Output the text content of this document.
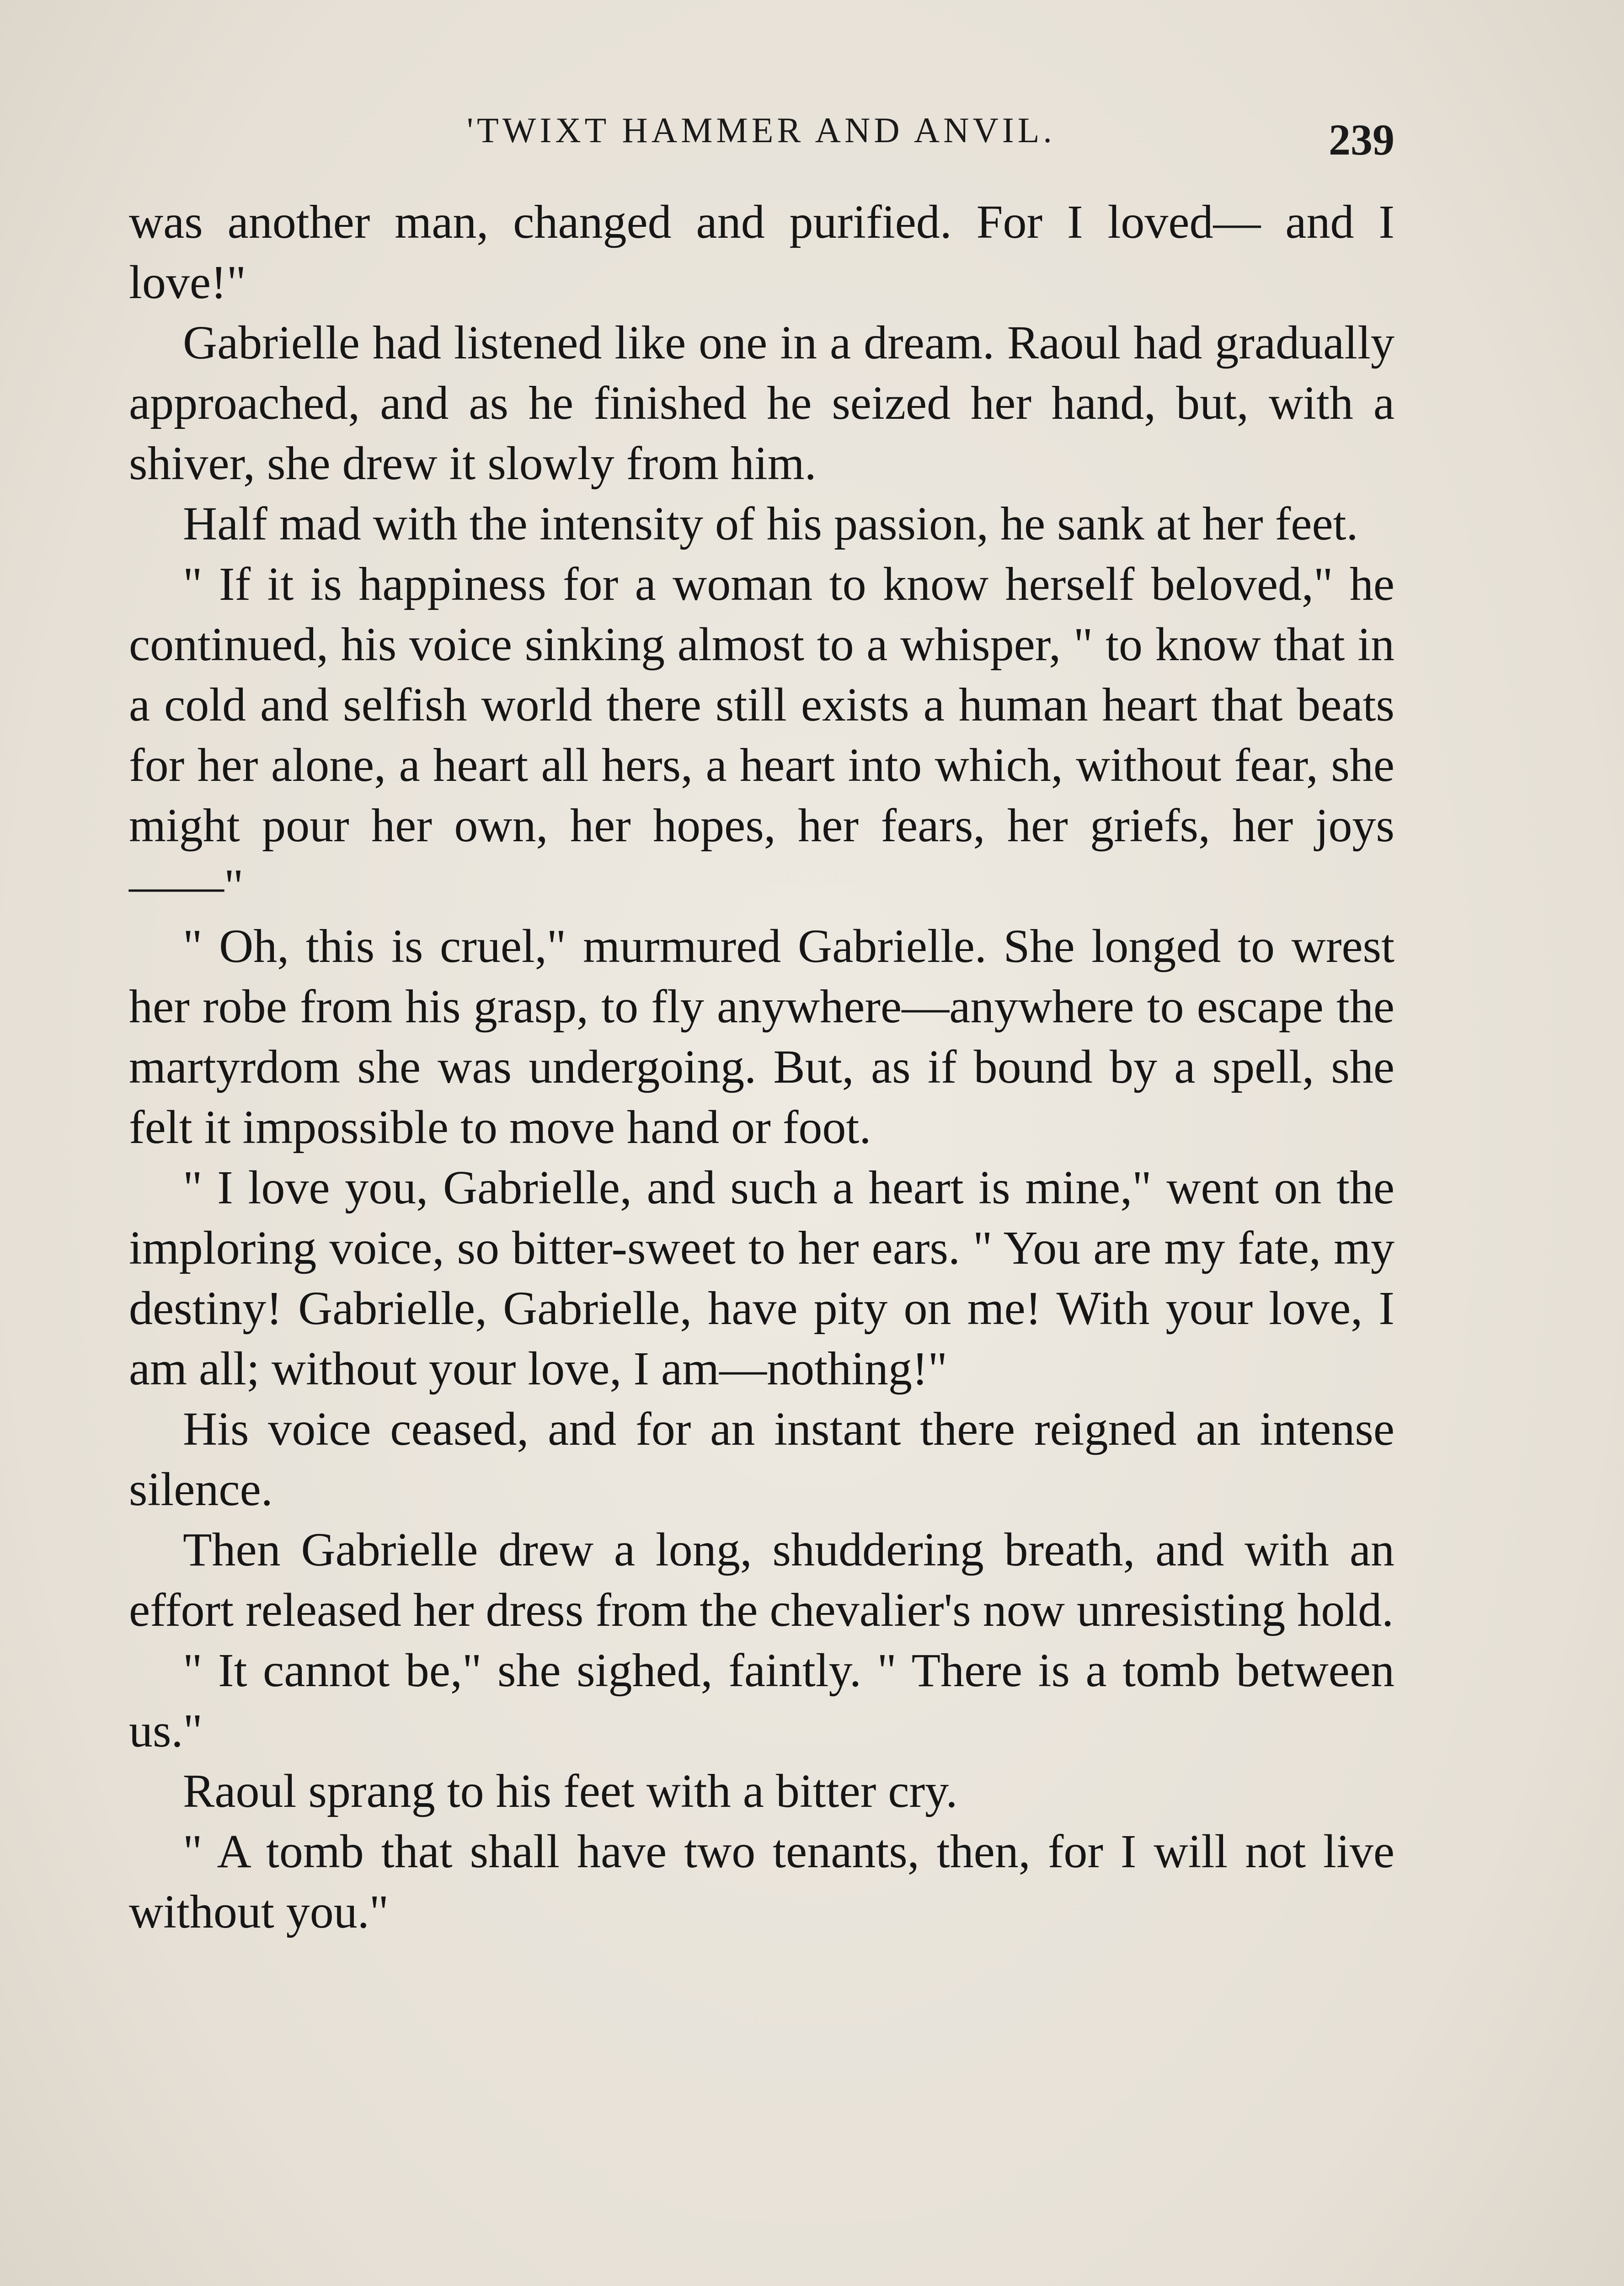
'TWIXT HAMMER AND ANVIL.	239

was another man, changed and purified. For I loved— and I love!"

Gabrielle had listened like one in a dream. Raoul had gradually approached, and as he finished he seized her hand, but, with a shiver, she drew it slowly from him.

Half mad with the intensity of his passion, he sank at her feet.

" If it is happiness for a woman to know herself beloved," he continued, his voice sinking almost to a whisper, " to know that in a cold and selfish world there still exists a human heart that beats for her alone, a heart all hers, a heart into which, without fear, she might pour her own, her hopes, her fears, her griefs, her joys——"

" Oh, this is cruel," murmured Gabrielle. She longed to wrest her robe from his grasp, to fly anywhere—anywhere to escape the martyrdom she was undergoing. But, as if bound by a spell, she felt it impossible to move hand or foot.

" I love you, Gabrielle, and such a heart is mine," went on the imploring voice, so bitter-sweet to her ears. " You are my fate, my destiny! Gabrielle, Gabrielle, have pity on me! With your love, I am all; without your love, I am—nothing!"

His voice ceased, and for an instant there reigned an intense silence.

Then Gabrielle drew a long, shuddering breath, and with an effort released her dress from the chevalier's now unresisting hold.

" It cannot be," she sighed, faintly. " There is a tomb between us."

Raoul sprang to his feet with a bitter cry.

" A tomb that shall have two tenants, then, for I will not live without you."
